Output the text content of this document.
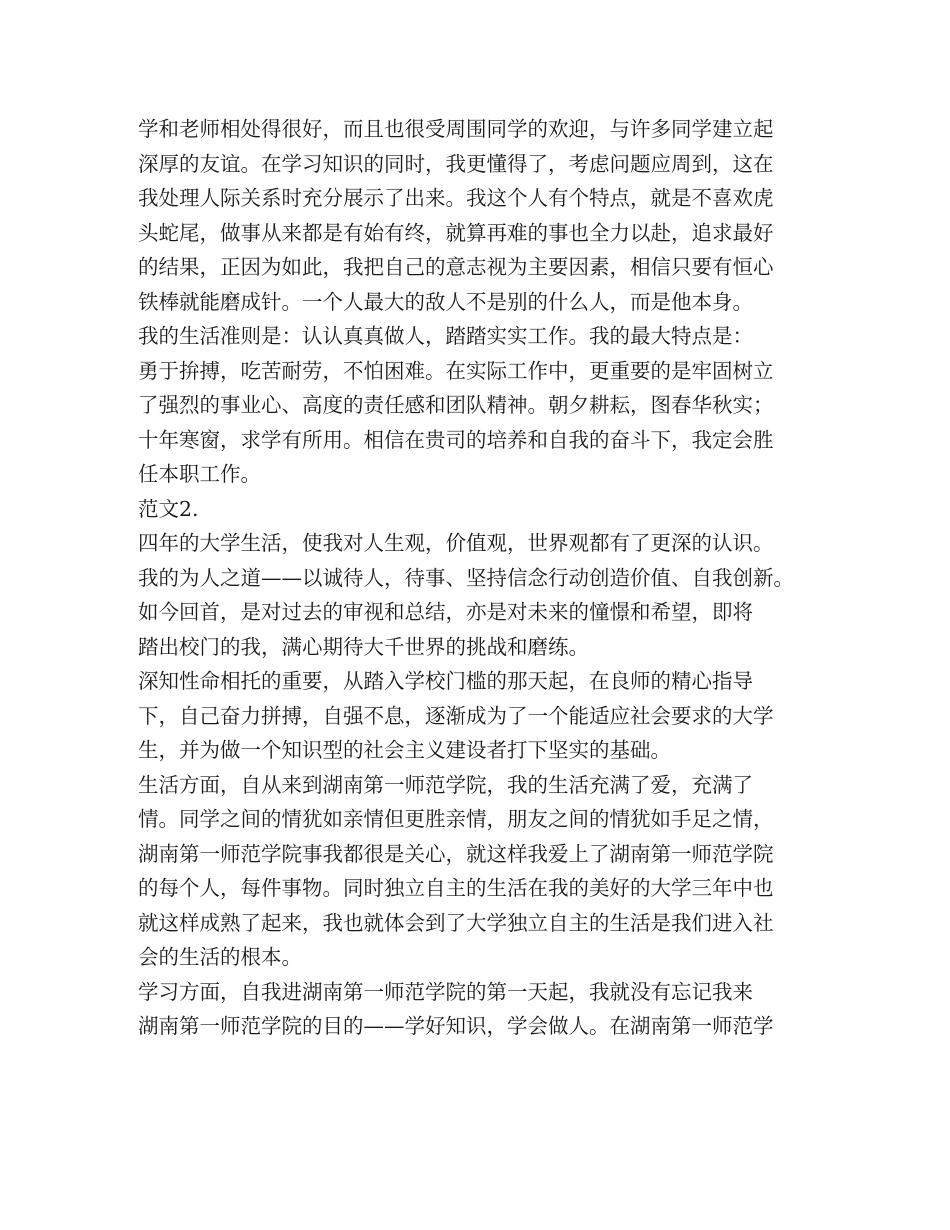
学和老师相处得很好，而且也很受周围同学的欢迎，与许多同学建立起
深厚的友谊。在学习知识的同时，我更懂得了，考虑问题应周到，这在
我处理人际关系时充分展示了出来。我这个人有个特点，就是不喜欢虎
头蛇尾，做事从来都是有始有终，就算再难的事也全力以赴，追求最好
的结果，正因为如此，我把自己的意志视为主要因素，相信只要有恒心
铁棒就能磨成针。一个人最大的敌人不是别的什么人，而是他本身。
我的生活准则是：认认真真做人，踏踏实实工作。我的最大特点是：
勇于拚搏，吃苦耐劳，不怕困难。在实际工作中，更重要的是牢固树立
了强烈的事业心、高度的责任感和团队精神。朝夕耕耘，图春华秋实；
十年寒窗，求学有所用。相信在贵司的培养和自我的奋斗下，我定会胜
任本职工作。
范文2.
四年的大学生活，使我对人生观，价值观，世界观都有了更深的认识。
我的为人之道——以诚待人，待事、坚持信念行动创造价值、自我创新。
如今回首，是对过去的审视和总结，亦是对未来的憧憬和希望，即将
踏出校门的我，满心期待大千世界的挑战和磨练。
深知性命相托的重要，从踏入学校门槛的那天起，在良师的精心指导
下，自己奋力拼搏，自强不息，逐渐成为了一个能适应社会要求的大学
生，并为做一个知识型的社会主义建设者打下坚实的基础。
生活方面，自从来到湖南第一师范学院，我的生活充满了爱，充满了
情。同学之间的情犹如亲情但更胜亲情，朋友之间的情犹如手足之情，
湖南第一师范学院事我都很是关心，就这样我爱上了湖南第一师范学院
的每个人，每件事物。同时独立自主的生活在我的美好的大学三年中也
就这样成熟了起来，我也就体会到了大学独立自主的生活是我们进入社
会的生活的根本。
学习方面，自我进湖南第一师范学院的第一天起，我就没有忘记我来
湖南第一师范学院的目的——学好知识，学会做人。在湖南第一师范学
